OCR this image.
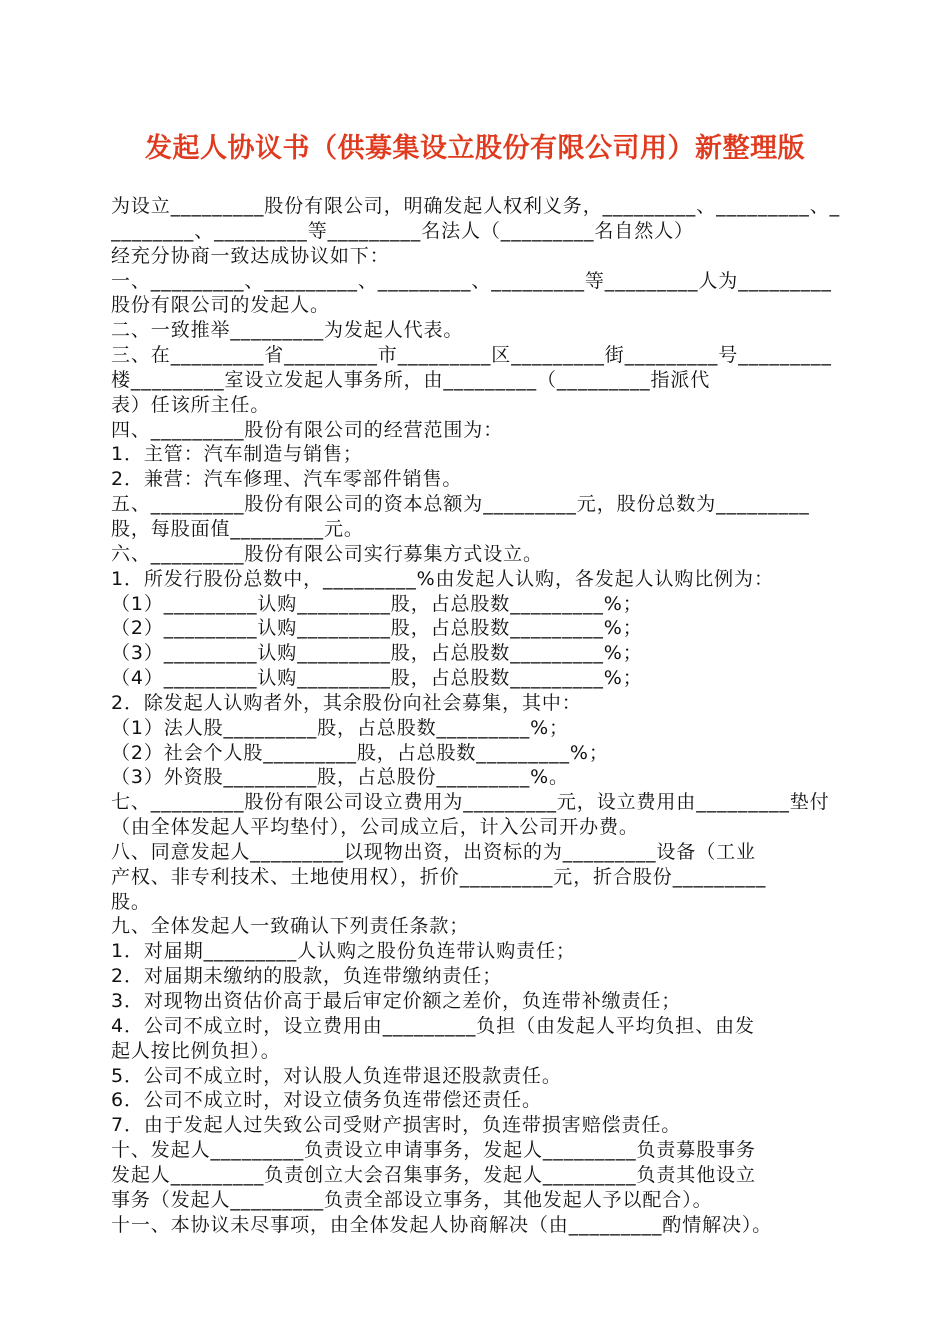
发起人协议书（供募集设立股份有限公司用）新整理版
为设立_________股份有限公司，明确发起人权利义务，_________、_________、_________、_________等_________名法人（_________名自然人）
经充分协商一致达成协议如下：
一、_________、_________、_________、_________等_________人为_________股份有限公司的发起人。
二、一致推举_________为发起人代表。
三、在_________省_________市_________区_________街_________号_________楼_________室设立发起人事务所，由_________（_________指派代
表）任该所主任。
四、_________股份有限公司的经营范围为：
1．主管：汽车制造与销售；
2．兼营：汽车修理、汽车零部件销售。
五、_________股份有限公司的资本总额为_________元，股份总数为_________股，每股面值_________元。
六、_________股份有限公司实行募集方式设立。
1．所发行股份总数中，_________%由发起人认购，各发起人认购比例为：
（1）_________认购_________股，占总股数_________%；
（2）_________认购_________股，占总股数_________%；
（3）_________认购_________股，占总股数_________%；
（4）_________认购_________股，占总股数_________%；
2．除发起人认购者外，其余股份向社会募集，其中：
（1）法人股_________股，占总股数_________%；
（2）社会个人股_________股，占总股数_________%；
（3）外资股_________股，占总股份_________%。
七、_________股份有限公司设立费用为_________元，设立费用由_________垫付（由全体发起人平均垫付），公司成立后，计入公司开办费。
八、同意发起人_________以现物出资，出资标的为_________设备（工业
产权、非专利技术、土地使用权），折价_________元，折合股份_________
股。
九、全体发起人一致确认下列责任条款；
1．对届期_________人认购之股份负连带认购责任；
2．对届期未缴纳的股款，负连带缴纳责任；
3．对现物出资估价高于最后审定价额之差价，负连带补缴责任；
4．公司不成立时，设立费用由_________负担（由发起人平均负担、由发
起人按比例负担）。
5．公司不成立时，对认股人负连带退还股款责任。
6．公司不成立时，对设立债务负连带偿还责任。
7．由于发起人过失致公司受财产损害时，负连带损害赔偿责任。
十、发起人_________负责设立申请事务，发起人_________负责募股事务
发起人_________负责创立大会召集事务，发起人_________负责其他设立
事务（发起人_________负责全部设立事务，其他发起人予以配合）。
十一、本协议未尽事项，由全体发起人协商解决（由_________酌情解决）。
